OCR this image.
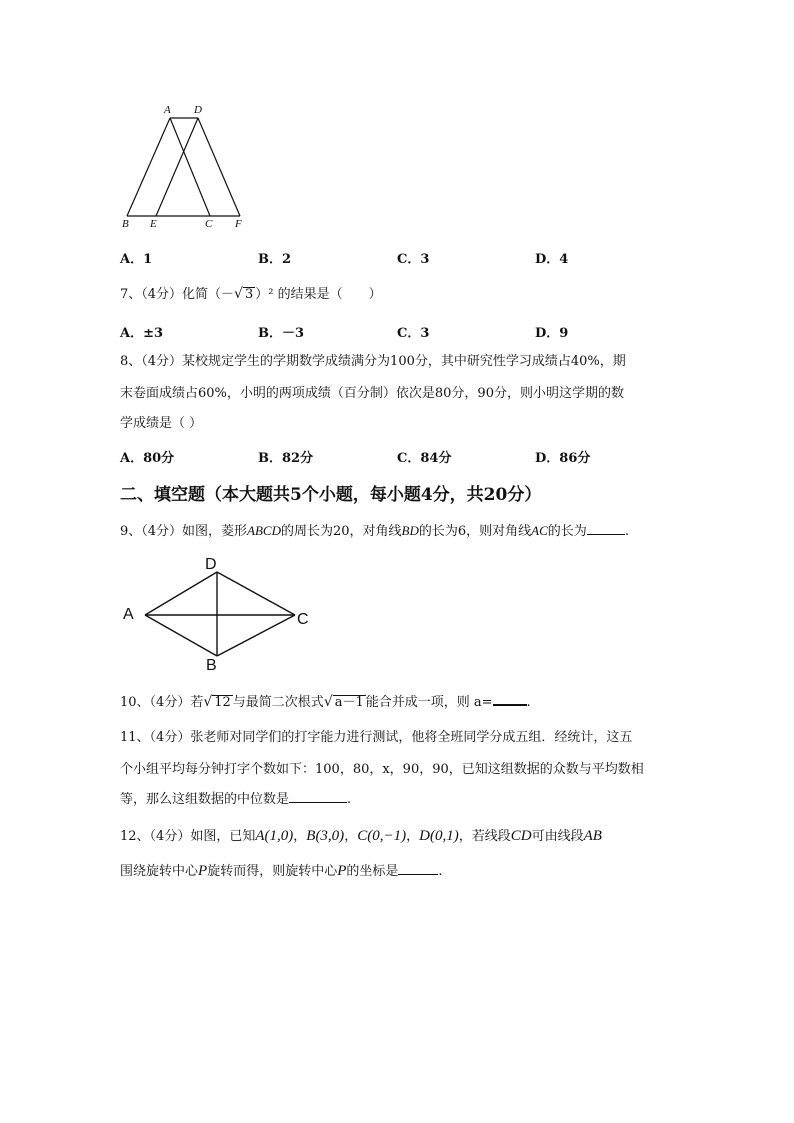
A D
B E	C F
A．1	B．2	C．3	D．4
7、（4分）化简（－√ 3 ）² 的结果是（　　）
A．±3	B．－3	C．3	D．9
8、（4分）某校规定学生的学期数学成绩满分为100分，其中研究性学习成绩占40%，期
末卷面成绩占60%，小明的两项成绩（百分制）依次是80分，90分，则小明这学期的数
学成绩是（ ）
A．80分	B．82分	C．84分	D．86分
二、填空题（本大题共5个小题，每小题4分，共20分）
9、（4分）如图，菱形ABCD的周长为20，对角线BD的长为6，则对角线AC的长为	.
D
A	C
B
10、（4分）若√ 12 与最简二次根式√ a－1 能合并成一项，则 a=	.
11、（4分）张老师对同学们的打字能力进行测试，他将全班同学分成五组．经统计，这五
个小组平均每分钟打字个数如下：100，80，x，90，90，已知这组数据的众数与平均数相
等，那么这组数据的中位数是	.
12、（4分）如图，已知A(1,0)，B(3,0)，C(0,−1)，D(0,1)，若线段CD可由线段AB
围绕旋转中心P旋转而得，则旋转中心P的坐标是	.
